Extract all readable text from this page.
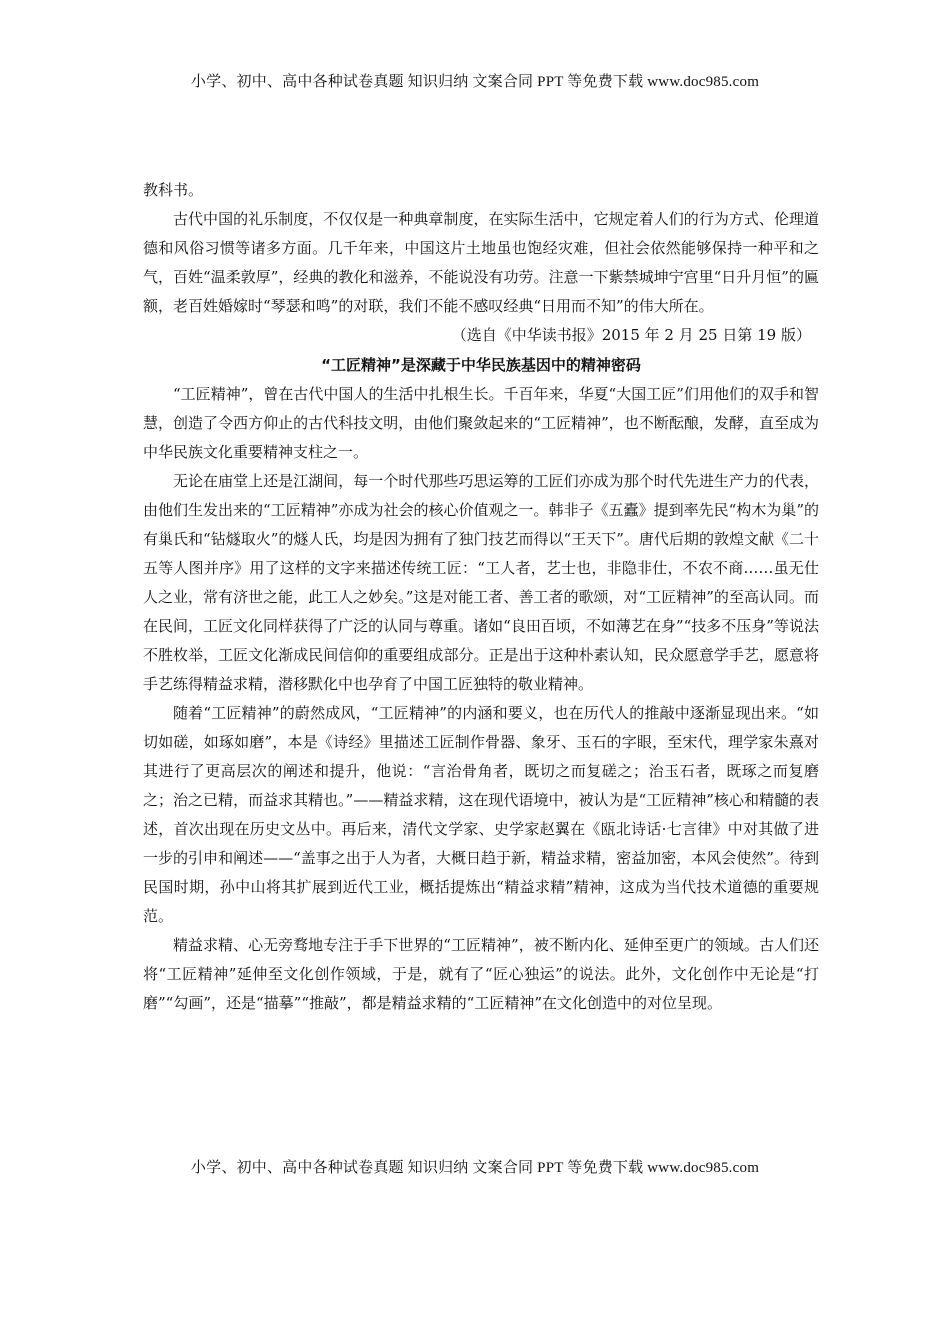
小学、初中、高中各种试卷真题 知识归纳 文案合同 PPT 等免费下载 www.doc985.com

教科书。

古代中国的礼乐制度，不仅仅是一种典章制度，在实际生活中，它规定着人们的行为方式、伦理道德和风俗习惯等诸多方面。几千年来，中国这片土地虽也饱经灾难，但社会依然能够保持一种平和之气，百姓“温柔敦厚”，经典的教化和滋养，不能说没有功劳。注意一下紫禁城坤宁宫里“日升月恒”的匾额，老百姓婚嫁时“琴瑟和鸣”的对联，我们不能不感叹经典“日用而不知”的伟大所在。

（选自《中华读书报》2015 年 2 月 25 日第 19 版）

“工匠精神”是深藏于中华民族基因中的精神密码

“工匠精神”，曾在古代中国人的生活中扎根生长。千百年来，华夏“大国工匠”们用他们的双手和智慧，创造了令西方仰止的古代科技文明，由他们聚敛起来的“工匠精神”，也不断酝酿，发酵，直至成为中华民族文化重要精神支柱之一。

无论在庙堂上还是江湖间，每一个时代那些巧思运筹的工匠们亦成为那个时代先进生产力的代表，由他们生发出来的“工匠精神”亦成为社会的核心价值观之一。韩非子《五蠹》提到率先民“构木为巢”的有巢氏和“钻燧取火”的燧人氏，均是因为拥有了独门技艺而得以“王天下”。唐代后期的敦煌文献《二十五等人图并序》用了这样的文字来描述传统工匠：“工人者，艺士也，非隐非仕，不农不商……虽无仕人之业，常有济世之能，此工人之妙矣。”这是对能工者、善工者的歌颂，对“工匠精神”的至高认同。而在民间，工匠文化同样获得了广泛的认同与尊重。诸如“良田百顷，不如薄艺在身”“技多不压身”等说法不胜枚举，工匠文化渐成民间信仰的重要组成部分。正是出于这种朴素认知，民众愿意学手艺，愿意将手艺练得精益求精，潜移默化中也孕育了中国工匠独特的敬业精神。

随着“工匠精神”的蔚然成风，“工匠精神”的内涵和要义，也在历代人的推敲中逐渐显现出来。“如切如磋，如琢如磨”，本是《诗经》里描述工匠制作骨器、象牙、玉石的字眼，至宋代，理学家朱熹对其进行了更高层次的阐述和提升，他说：“言治骨角者，既切之而复磋之；治玉石者，既琢之而复磨之；治之已精，而益求其精也。”——精益求精，这在现代语境中，被认为是“工匠精神”核心和精髓的表述，首次出现在历史文丛中。再后来，清代文学家、史学家赵翼在《瓯北诗话·七言律》中对其做了进一步的引申和阐述——“盖事之出于人为者，大概日趋于新，精益求精，密益加密，本风会使然”。待到民国时期，孙中山将其扩展到近代工业，概括提炼出“精益求精”精神，这成为当代技术道德的重要规范。

精益求精、心无旁骛地专注于手下世界的“工匠精神”，被不断内化、延伸至更广的领域。古人们还将“工匠精神”延伸至文化创作领域，于是，就有了“匠心独运”的说法。此外，文化创作中无论是“打磨”“勾画”，还是“描摹”“推敲”，都是精益求精的“工匠精神”在文化创造中的对位呈现。

小学、初中、高中各种试卷真题 知识归纳 文案合同 PPT 等免费下载 www.doc985.com
